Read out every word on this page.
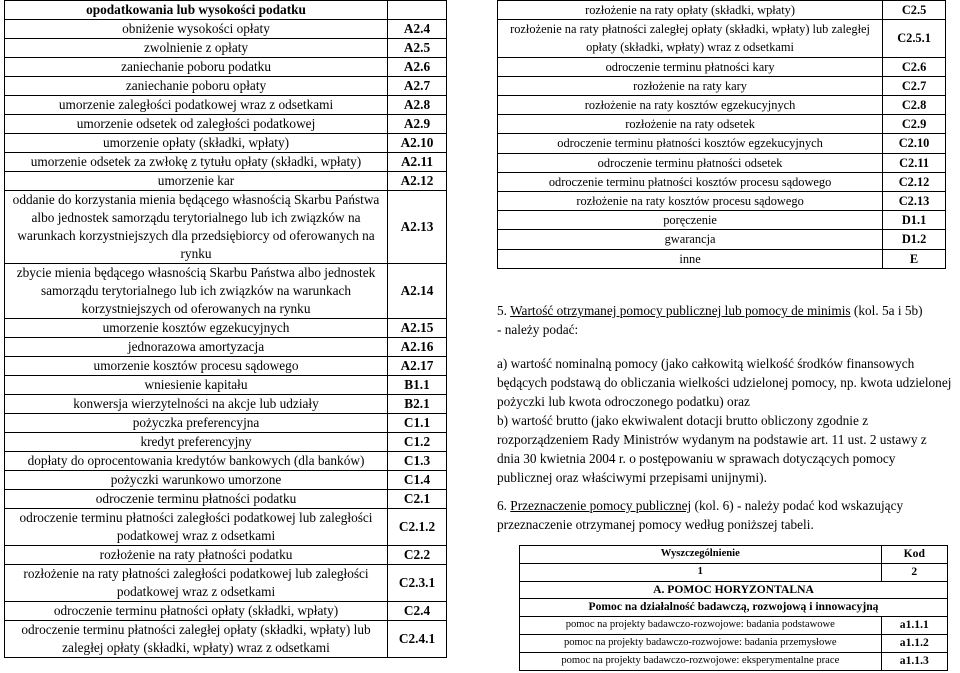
opodatkowania lub wysokości podatku	
obniżenie wysokości opłaty	A2.4
zwolnienie z opłaty	A2.5
zaniechanie poboru podatku	A2.6
zaniechanie poboru opłaty	A2.7
umorzenie zaległości podatkowej wraz z odsetkami	A2.8
umorzenie odsetek od zaległości podatkowej	A2.9
umorzenie opłaty (składki, wpłaty)	A2.10
umorzenie odsetek za zwłokę z tytułu opłaty (składki, wpłaty)	A2.11
umorzenie kar	A2.12
oddanie do korzystania mienia będącego własnością Skarbu Państwa albo jednostek samorządu terytorialnego lub ich związków na warunkach korzystniejszych dla przedsiębiorcy od oferowanych na rynku	A2.13
zbycie mienia będącego własnością Skarbu Państwa albo jednostek samorządu terytorialnego lub ich związków na warunkach korzystniejszych od oferowanych na rynku	A2.14
umorzenie kosztów egzekucyjnych	A2.15
jednorazowa amortyzacja	A2.16
umorzenie kosztów procesu sądowego	A2.17
wniesienie kapitału	B1.1
konwersja wierzytelności na akcje lub udziały	B2.1
pożyczka preferencyjna	C1.1
kredyt preferencyjny	C1.2
dopłaty do oprocentowania kredytów bankowych (dla banków)	C1.3
pożyczki warunkowo umorzone	C1.4
odroczenie terminu płatności podatku	C2.1
odroczenie terminu płatności zaległości podatkowej lub zaległości podatkowej wraz z odsetkami	C2.1.2
rozłożenie na raty płatności podatku	C2.2
rozłożenie na raty płatności zaległości podatkowej lub zaległości podatkowej wraz z odsetkami	C2.3.1
odroczenie terminu płatności opłaty (składki, wpłaty)	C2.4
odroczenie terminu płatności zaległej opłaty (składki, wpłaty) lub zaległej opłaty (składki, wpłaty) wraz z odsetkami	C2.4.1
rozłożenie na raty opłaty (składki, wpłaty)	C2.5
rozłożenie na raty płatności zaległej opłaty (składki, wpłaty) lub zaległej opłaty (składki, wpłaty) wraz z odsetkami	C2.5.1
odroczenie terminu płatności kary	C2.6
rozłożenie na raty kary	C2.7
rozłożenie na raty kosztów egzekucyjnych	C2.8
rozłożenie na raty odsetek	C2.9
odroczenie terminu płatności kosztów egzekucyjnych	C2.10
odroczenie terminu płatności odsetek	C2.11
odroczenie terminu płatności kosztów procesu sądowego	C2.12
rozłożenie na raty kosztów procesu sądowego	C2.13
poręczenie	D1.1
gwarancja	D1.2
inne	E
5. Wartość otrzymanej pomocy publicznej lub pomocy de minimis (kol. 5a i 5b)
- należy podać:
a) wartość nominalną pomocy (jako całkowitą wielkość środków finansowych będących podstawą do obliczania wielkości udzielonej pomocy, np. kwota udzielonej pożyczki lub kwota odroczonego podatku) oraz
b) wartość brutto (jako ekwiwalent dotacji brutto obliczony zgodnie z rozporządzeniem Rady Ministrów wydanym na podstawie art. 11 ust. 2 ustawy z dnia 30 kwietnia 2004 r. o postępowaniu w sprawach dotyczących pomocy publicznej oraz właściwymi przepisami unijnymi).
6. Przeznaczenie pomocy publicznej (kol. 6) - należy podać kod wskazujący przeznaczenie otrzymanej pomocy według poniższej tabeli.
Wyszczególnienie	Kod
1	2
A. POMOC HORYZONTALNA	
Pomoc na działalność badawczą, rozwojową i innowacyjną	
pomoc na projekty badawczo-rozwojowe: badania podstawowe	a1.1.1
pomoc na projekty badawczo-rozwojowe: badania przemysłowe	a1.1.2
pomoc na projekty badawczo-rozwojowe: eksperymentalne prace	a1.1.3
